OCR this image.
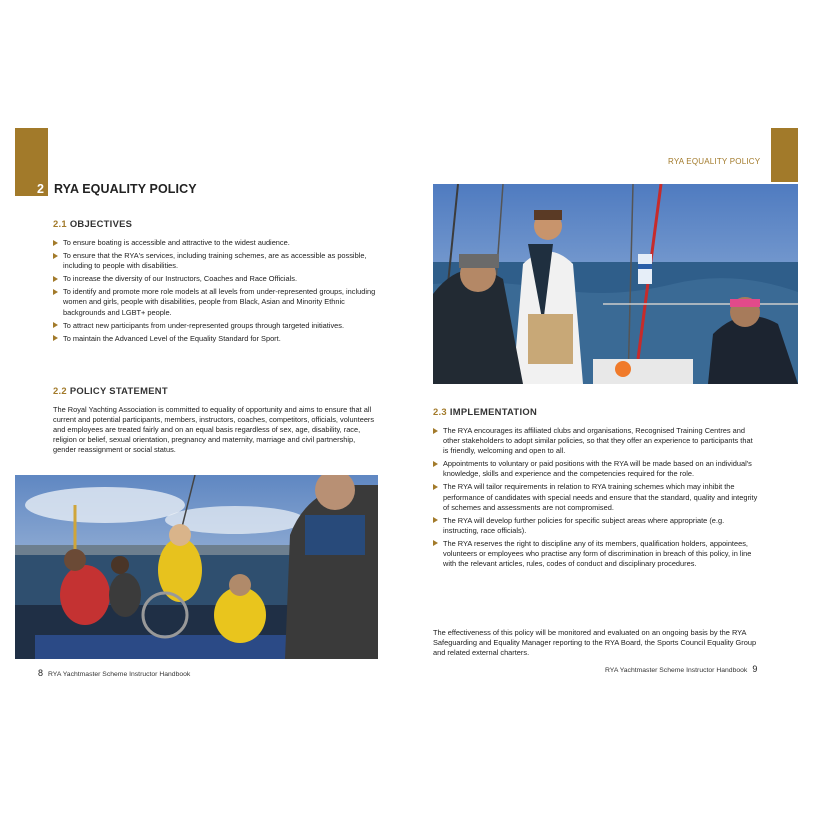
2 RYA EQUALITY POLICY
2.1 OBJECTIVES
To ensure boating is accessible and attractive to the widest audience.
To ensure that the RYA's services, including training schemes, are as accessible as possible, including to people with disabilities.
To increase the diversity of our Instructors, Coaches and Race Officials.
To identify and promote more role models at all levels from under-represented groups, including women and girls, people with disabilities, people from Black, Asian and Minority Ethnic backgrounds and LGBT+ people.
To attract new participants from under-represented groups through targeted initiatives.
To maintain the Advanced Level of the Equality Standard for Sport.
2.2 POLICY STATEMENT
The Royal Yachting Association is committed to equality of opportunity and aims to ensure that all current and potential participants, members, instructors, coaches, competitors, officials, volunteers and employees are treated fairly and on an equal basis regardless of sex, age, disability, race, religion or belief, sexual orientation, pregnancy and maternity, marriage and civil partnership, gender reassignment or social status.
8 RYA Yachtmaster Scheme Instructor Handbook
RYA EQUALITY POLICY
2.3 IMPLEMENTATION
The RYA encourages its affiliated clubs and organisations, Recognised Training Centres and other stakeholders to adopt similar policies, so that they offer an experience to participants that is friendly, welcoming and open to all.
Appointments to voluntary or paid positions with the RYA will be made based on an individual's knowledge, skills and experience and the competencies required for the role.
The RYA will tailor requirements in relation to RYA training schemes which may inhibit the performance of candidates with special needs and ensure that the standard, quality and integrity of schemes and assessments are not compromised.
The RYA will develop further policies for specific subject areas where appropriate (e.g. instructing, race officials).
The RYA reserves the right to discipline any of its members, qualification holders, appointees, volunteers or employees who practise any form of discrimination in breach of this policy, in line with the relevant articles, rules, codes of conduct and disciplinary procedures.
The effectiveness of this policy will be monitored and evaluated on an ongoing basis by the RYA Safeguarding and Equality Manager reporting to the RYA Board, the Sports Council Equality Group and related external charters.
RYA Yachtmaster Scheme Instructor Handbook 9
